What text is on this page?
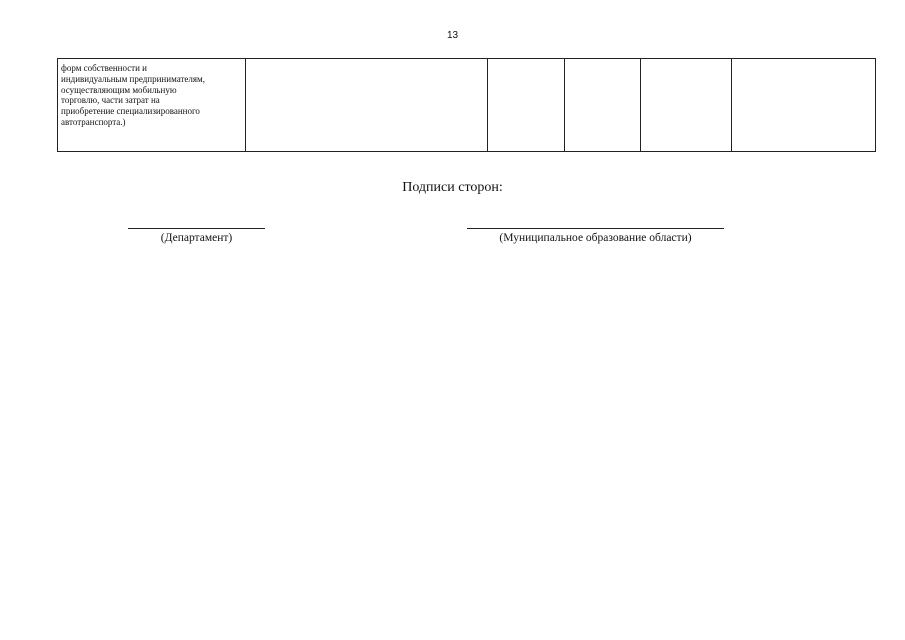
13
форм собственности и
индивидуальным предпринимателям,
осуществляющим мобильную
торговлю, части затрат на
приобретение специализированного
автотранспорта.)

Подписи сторон:
(Департамент)	(Муниципальное образование области)
